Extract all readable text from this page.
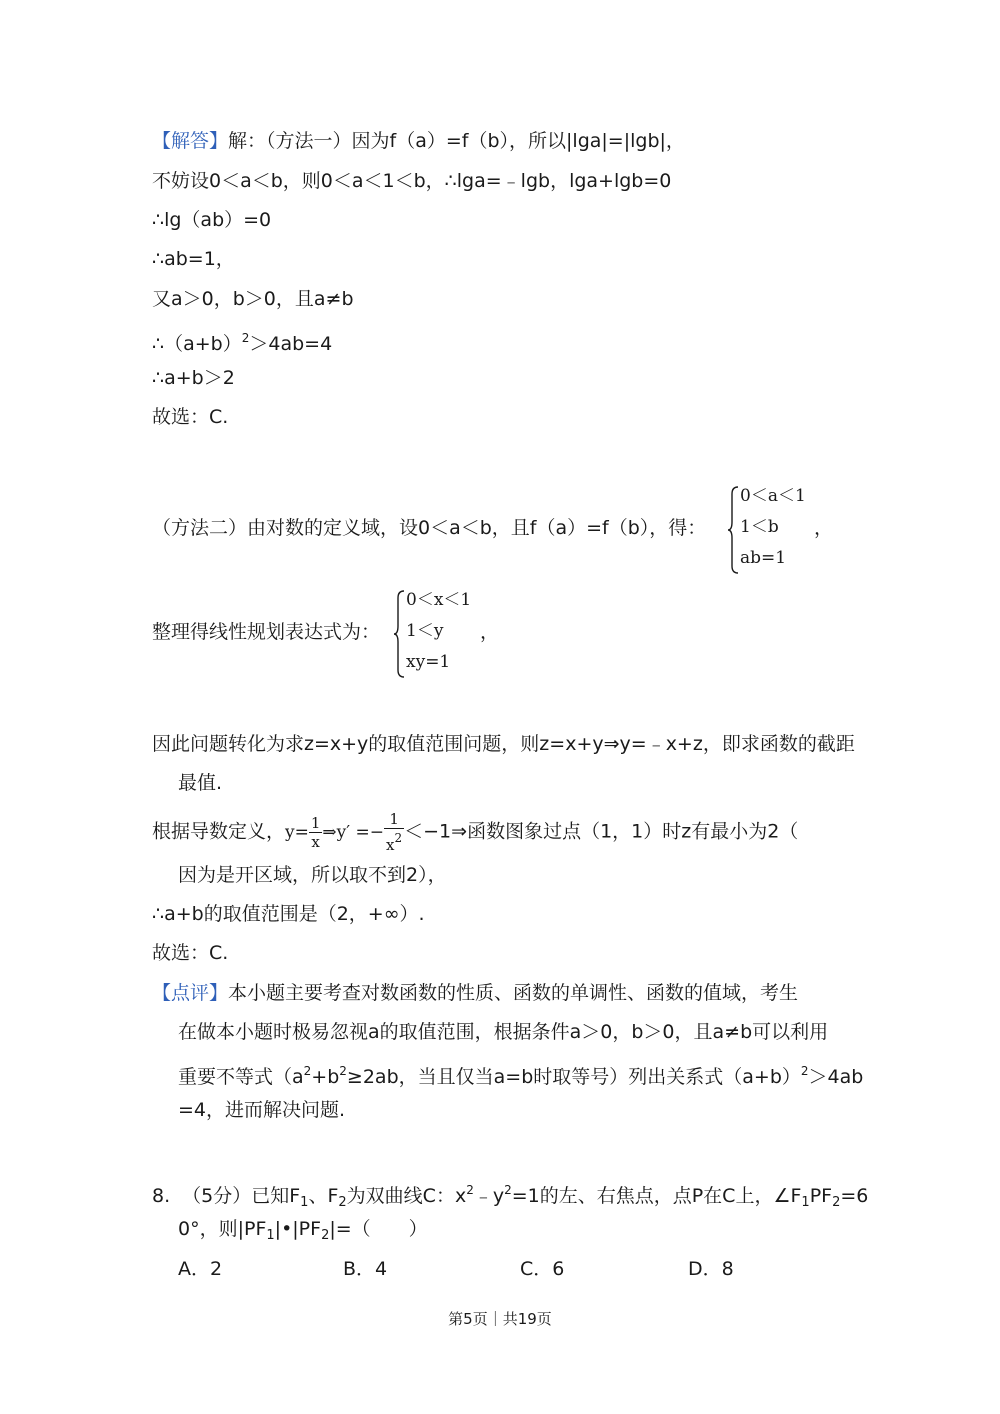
【解答】解：（方法一）因为f（a）=f（b），所以|lga|=|lgb|，
不妨设0＜a＜b，则0＜a＜1＜b，∴lga=﹣lgb，lga+lgb=0
∴lg（ab）=0
∴ab=1，
又a＞0，b＞0，且a≠b
$\therefore(a+b)^2>4ab=4$
∴a+b＞2
故选：C.
（方法二）由对数的定义域，设0＜a＜b，且f（a）=f（b），得：
0＜a＜1
1＜b
ab=1
，
整理得线性规划表达式为：
0＜x＜1
1＜y
xy=1
，
因此问题转化为求z=x+y的取值范围问题，则z=x+y⇒y=﹣x+z，即求函数的截距
最值.
根据导数定义，$y= \frac{1}{x}$ ⇒y′ =− $\frac{1}{x^2}$ ＜−1⇒函数图象过点（1，1）时z有最小为2（
因为是开区域，所以取不到2），
∴a+b的取值范围是（2，+∞）.
故选：C.
【点评】本小题主要考查对数函数的性质、函数的单调性、函数的值域，考生
在做本小题时极易忽视a的取值范围，根据条件a＞0，b＞0，且a≠b可以利用
重要不等式（$a^2+b^2\ge 2ab$，当且仅当a=b时取等号）列出关系式$(a+b)^2>4ab$
=4，进而解决问题.
8. （5分）已知$F_1$、$F_2$为双曲线C：$x^2﹣y^2=1$的左、右焦点，点P在C上，$\angle F_1PF_2=6$
0°，则$|PF_1|•|PF_2|=$（　　）
A．2	B．4	C．6	D．8
第5页｜共19页
